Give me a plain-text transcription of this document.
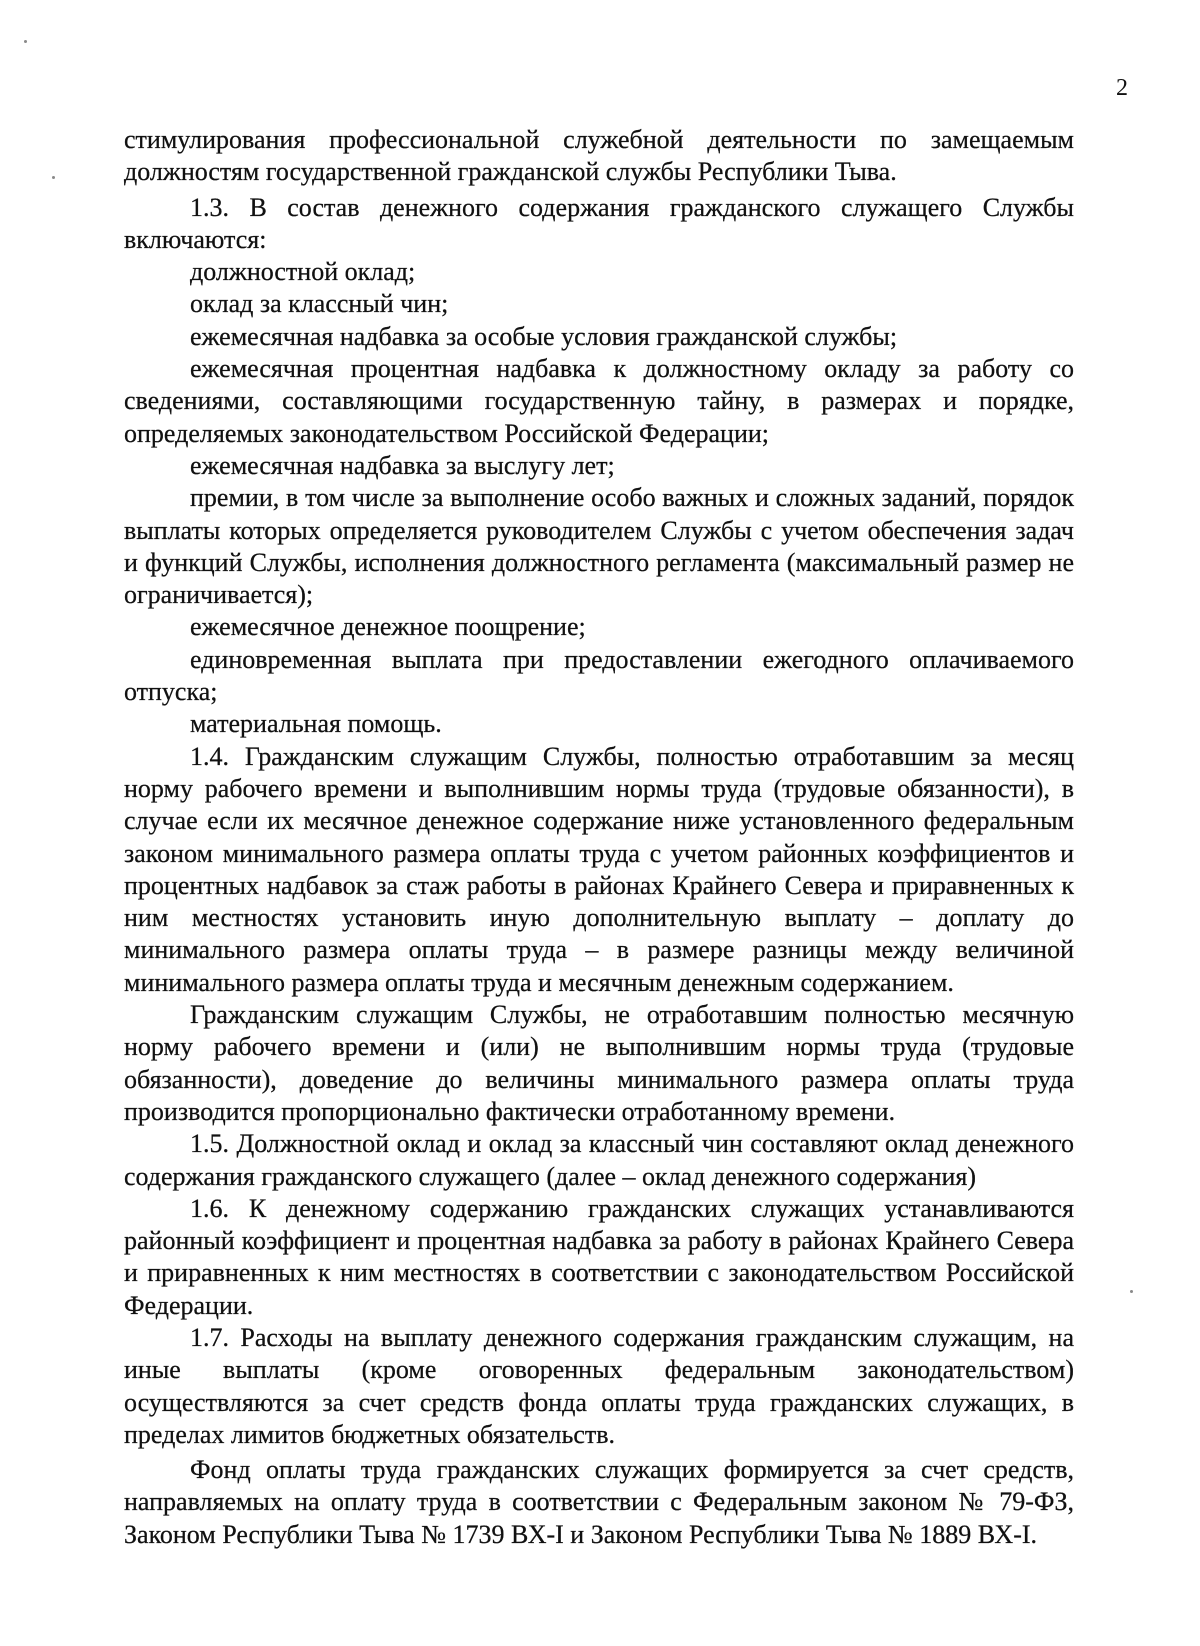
2

стимулирования профессиональной служебной деятельности по замещаемым должностям государственной гражданской службы Республики Тыва.

1.3. В состав денежного содержания гражданского служащего Службы включаются:

должностной оклад;

оклад за классный чин;

ежемесячная надбавка за особые условия гражданской службы;

ежемесячная процентная надбавка к должностному окладу за работу со сведениями, составляющими государственную тайну, в размерах и порядке, определяемых законодательством Российской Федерации;

ежемесячная надбавка за выслугу лет;

премии, в том числе за выполнение особо важных и сложных заданий, порядок выплаты которых определяется руководителем Службы с учетом обеспечения задач и функций Службы, исполнения должностного регламента (максимальный размер не ограничивается);

ежемесячное денежное поощрение;

единовременная выплата при предоставлении ежегодного оплачиваемого отпуска;

материальная помощь.

1.4. Гражданским служащим Службы, полностью отработавшим за месяц норму рабочего времени и выполнившим нормы труда (трудовые обязанности), в случае если их месячное денежное содержание ниже установленного федеральным законом минимального размера оплаты труда с учетом районных коэффициентов и процентных надбавок за стаж работы в районах Крайнего Севера и приравненных к ним местностях установить иную дополнительную выплату – доплату до минимального размера оплаты труда – в размере разницы между величиной минимального размера оплаты труда и месячным денежным содержанием.

Гражданским служащим Службы, не отработавшим полностью месячную норму рабочего времени и (или) не выполнившим нормы труда (трудовые обязанности), доведение до величины минимального размера оплаты труда производится пропорционально фактически отработанному времени.

1.5. Должностной оклад и оклад за классный чин составляют оклад денежного содержания гражданского служащего (далее – оклад денежного содержания)

1.6. К денежному содержанию гражданских служащих устанавливаются районный коэффициент и процентная надбавка за работу в районах Крайнего Севера и приравненных к ним местностях в соответствии с законодательством Российской Федерации.

1.7. Расходы на выплату денежного содержания гражданским служащим, на иные выплаты (кроме оговоренных федеральным законодательством) осуществляются за счет средств фонда оплаты труда гражданских служащих, в пределах лимитов бюджетных обязательств.

Фонд оплаты труда гражданских служащих формируется за счет средств, направляемых на оплату труда в соответствии с Федеральным законом № 79-ФЗ, Законом Республики Тыва № 1739 ВХ-I и Законом Республики Тыва № 1889 ВХ-I.
